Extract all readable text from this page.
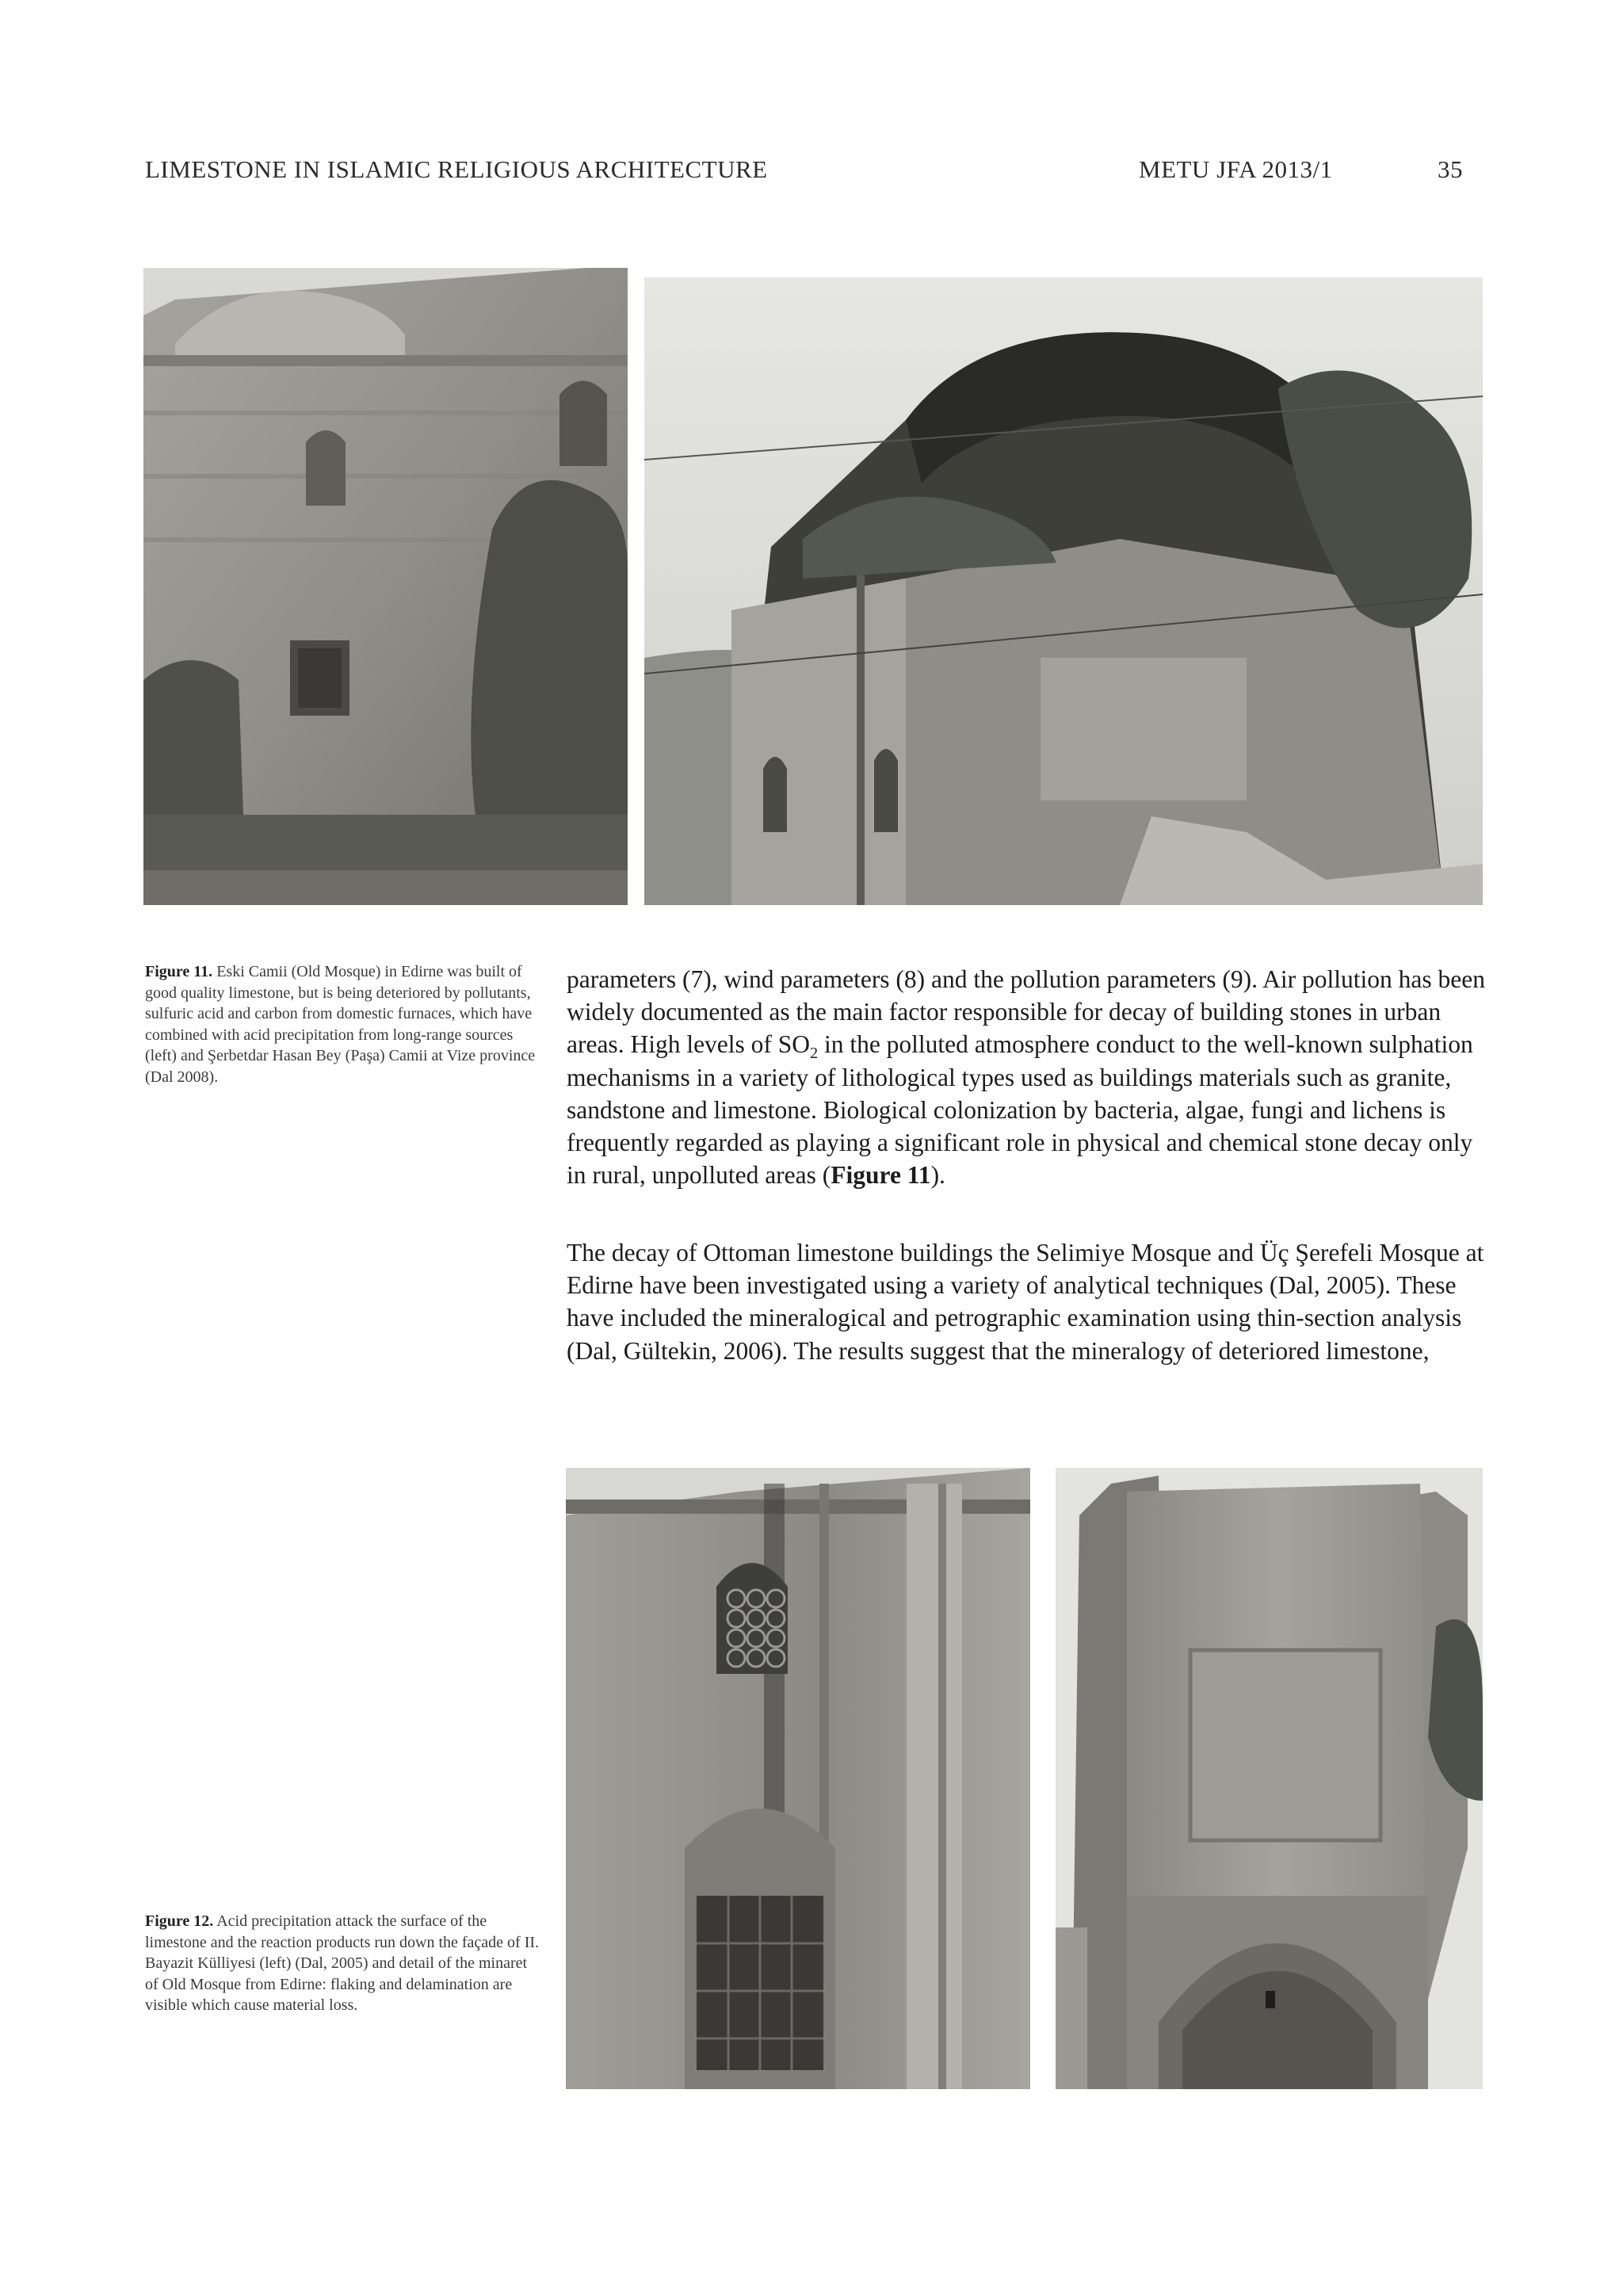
LIMESTONE IN ISLAMIC RELIGIOUS ARCHITECTURE	METU JFA 2013/1	35
Figure 11. Eski Camii (Old Mosque) in Edirne was built of good quality limestone, but is being deteriored by pollutants, sulfuric acid and carbon from domestic furnaces, which have combined with acid precipitation from long-range sources (left) and Şerbetdar Hasan Bey (Paşa) Camii at Vize province (Dal 2008).

parameters (7), wind parameters (8) and the pollution parameters (9). Air pollution has been widely documented as the main factor responsible for decay of building stones in urban areas. High levels of $SO_2$ in the polluted atmosphere conduct to the well-known sulphation mechanisms in a variety of lithological types used as buildings materials such as granite, sandstone and limestone. Biological colonization by bacteria, algae, fungi and lichens is frequently regarded as playing a significant role in physical and chemical stone decay only in rural, unpolluted areas (Figure 11).

The decay of Ottoman limestone buildings the Selimiye Mosque and Üç Şerefeli Mosque at Edirne have been investigated using a variety of analytical techniques (Dal, 2005). These have included the mineralogical and petrographic examination using thin-section analysis (Dal, Gültekin, 2006). The results suggest that the mineralogy of deteriored limestone,

Figure 12. Acid precipitation attack the surface of the limestone and the reaction products run down the façade of II. Bayazit Külliyesi (left) (Dal, 2005) and detail of the minaret of Old Mosque from Edirne: flaking and delamination are visible which cause material loss.
